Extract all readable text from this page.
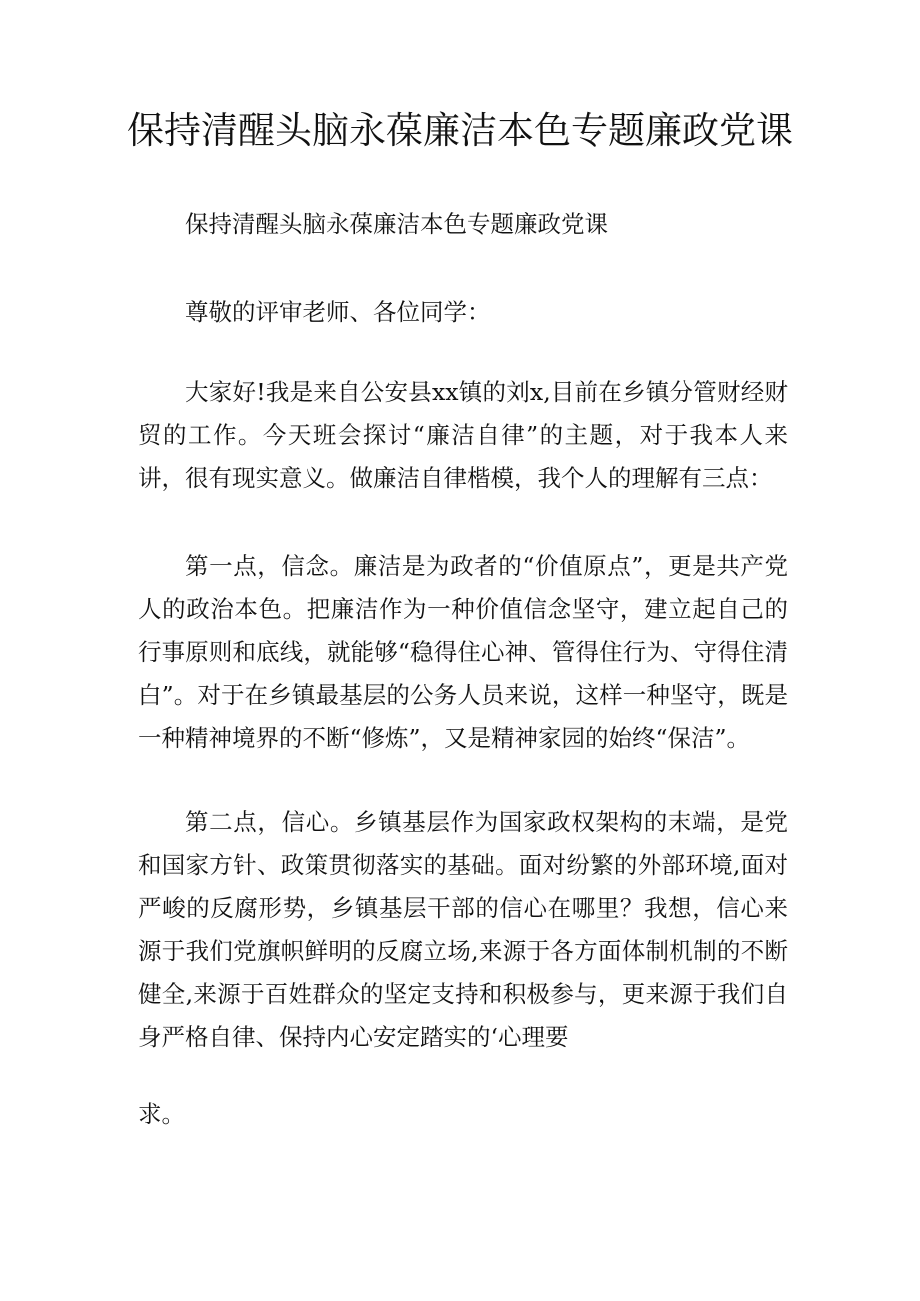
保持清醒头脑永葆廉洁本色专题廉政党课

保持清醒头脑永葆廉洁本色专题廉政党课

尊敬的评审老师、各位同学：

大家好!我是来自公安县xx镇的刘x,目前在乡镇分管财经财贸的工作。今天班会探讨“廉洁自律”的主题，对于我本人来讲，很有现实意义。做廉洁自律楷模，我个人的理解有三点：

第一点，信念。廉洁是为政者的“价值原点”，更是共产党人的政治本色。把廉洁作为一种价值信念坚守，建立起自己的行事原则和底线，就能够“稳得住心神、管得住行为、守得住清白”。对于在乡镇最基层的公务人员来说，这样一种坚守，既是一种精神境界的不断“修炼”，又是精神家园的始终“保洁”。

第二点，信心。乡镇基层作为国家政权架构的末端，是党和国家方针、政策贯彻落实的基础。面对纷繁的外部环境,面对严峻的反腐形势，乡镇基层干部的信心在哪里？我想，信心来源于我们党旗帜鲜明的反腐立场,来源于各方面体制机制的不断健全,来源于百姓群众的坚定支持和积极参与，更来源于我们自身严格自律、保持内心安定踏实的‘心理要

求。
